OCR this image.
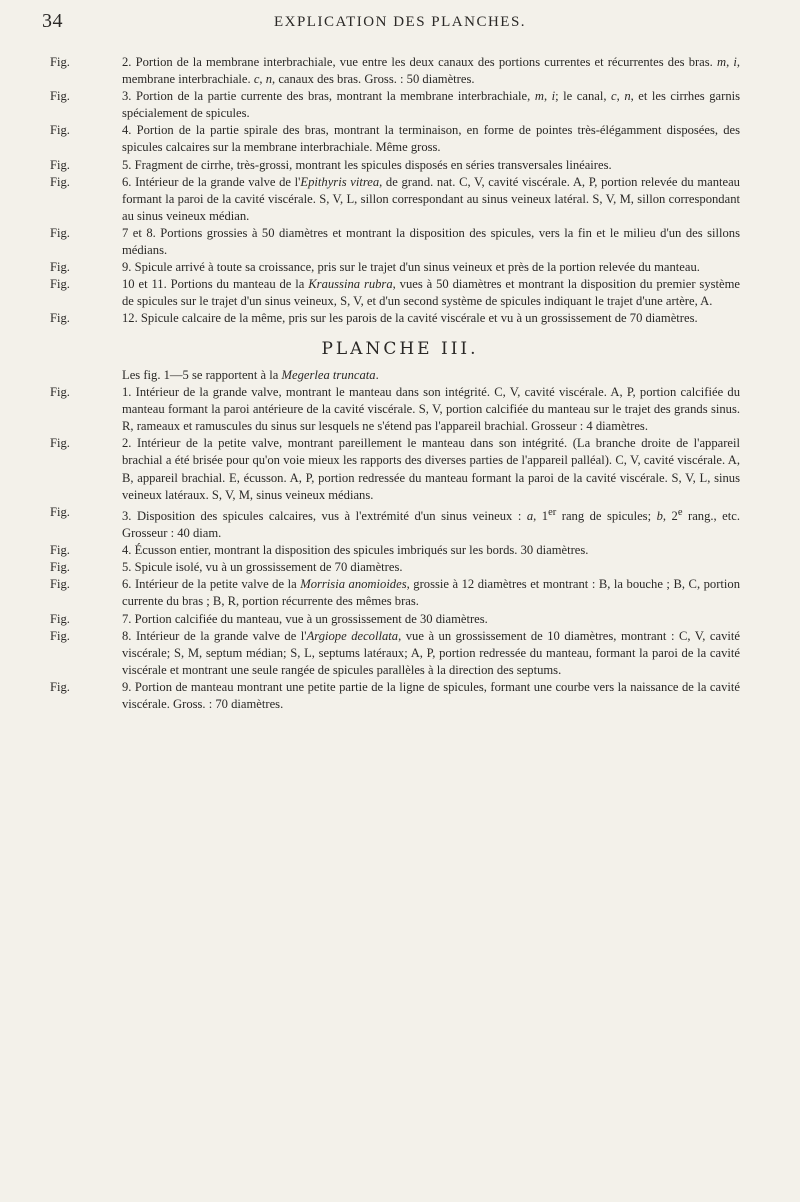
34	EXPLICATION DES PLANCHES.
Fig.	2. Portion de la membrane interbrachiale, vue entre les deux canaux des portions currentes et récurrentes des bras. m, i, membrane interbrachiale. c, n, canaux des bras. Gross. : 50 diamètres.
Fig.	3. Portion de la partie currente des bras, montrant la membrane interbrachiale, m, i; le canal, c, n, et les cirrhes garnis spécialement de spicules.
Fig.	4. Portion de la partie spirale des bras, montrant la terminaison, en forme de pointes très-élégamment disposées, des spicules calcaires sur la membrane interbrachiale. Même gross.
Fig.	5. Fragment de cirrhe, très-grossi, montrant les spicules disposés en séries transversales linéaires.
Fig.	6. Intérieur de la grande valve de l'Epithyris vitrea, de grand. nat. C, V, cavité viscérale. A, P, portion relevée du manteau formant la paroi de la cavité viscérale. S, V, L, sillon correspondant au sinus veineux latéral. S, V, M, sillon correspondant au sinus veineux médian.
Fig.	7 et 8. Portions grossies à 50 diamètres et montrant la disposition des spicules, vers la fin et le milieu d'un des sillons médians.
Fig.	9. Spicule arrivé à toute sa croissance, pris sur le trajet d'un sinus veineux et près de la portion relevée du manteau.
Fig.	10 et 11. Portions du manteau de la Kraussina rubra, vues à 50 diamètres et montrant la disposition du premier système de spicules sur le trajet d'un sinus veineux, S, V, et d'un second système de spicules indiquant le trajet d'une artère, A.
Fig.	12. Spicule calcaire de la même, pris sur les parois de la cavité viscérale et vu à un grossissement de 70 diamètres.
PLANCHE III.
Les fig. 1—5 se rapportent à la Megerlea truncata.
Fig.	1. Intérieur de la grande valve, montrant le manteau dans son intégrité. C, V, cavité viscérale. A, P, portion calcifiée du manteau formant la paroi antérieure de la cavité viscérale. S, V, portion calcifiée du manteau sur le trajet des grands sinus. R, rameaux et ramuscules du sinus sur lesquels ne s'étend pas l'appareil brachial. Grosseur : 4 diamètres.
Fig.	2. Intérieur de la petite valve, montrant pareillement le manteau dans son intégrité. (La branche droite de l'appareil brachial a été brisée pour qu'on voie mieux les rapports des diverses parties de l'appareil palléal). C, V, cavité viscérale. A, B, appareil brachial. E, écusson. A, P, portion redressée du manteau formant la paroi de la cavité viscérale. S, V, L, sinus veineux latéraux. S, V, M, sinus veineux médians.
Fig.	3. Disposition des spicules calcaires, vus à l'extrémité d'un sinus veineux : a, 1er rang de spicules; b, 2e rang., etc. Grosseur : 40 diam.
Fig.	4. Écusson entier, montrant la disposition des spicules imbriqués sur les bords. 30 diamètres.
Fig.	5. Spicule isolé, vu à un grossissement de 70 diamètres.
Fig.	6. Intérieur de la petite valve de la Morrisia anomioides, grossie à 12 diamètres et montrant : B, la bouche ; B, C, portion currente du bras ; B, R, portion récurrente des mêmes bras.
Fig.	7. Portion calcifiée du manteau, vue à un grossissement de 30 diamètres.
Fig.	8. Intérieur de la grande valve de l'Argiope decollata, vue à un grossissement de 10 diamètres, montrant : C, V, cavité viscérale; S, M, septum médian; S, L, septums latéraux; A, P, portion redressée du manteau, formant la paroi de la cavité viscérale et montrant une seule rangée de spicules parallèles à la direction des septums.
Fig.	9. Portion de manteau montrant une petite partie de la ligne de spicules, formant une courbe vers la naissance de la cavité viscérale. Gross. : 70 diamètres.
